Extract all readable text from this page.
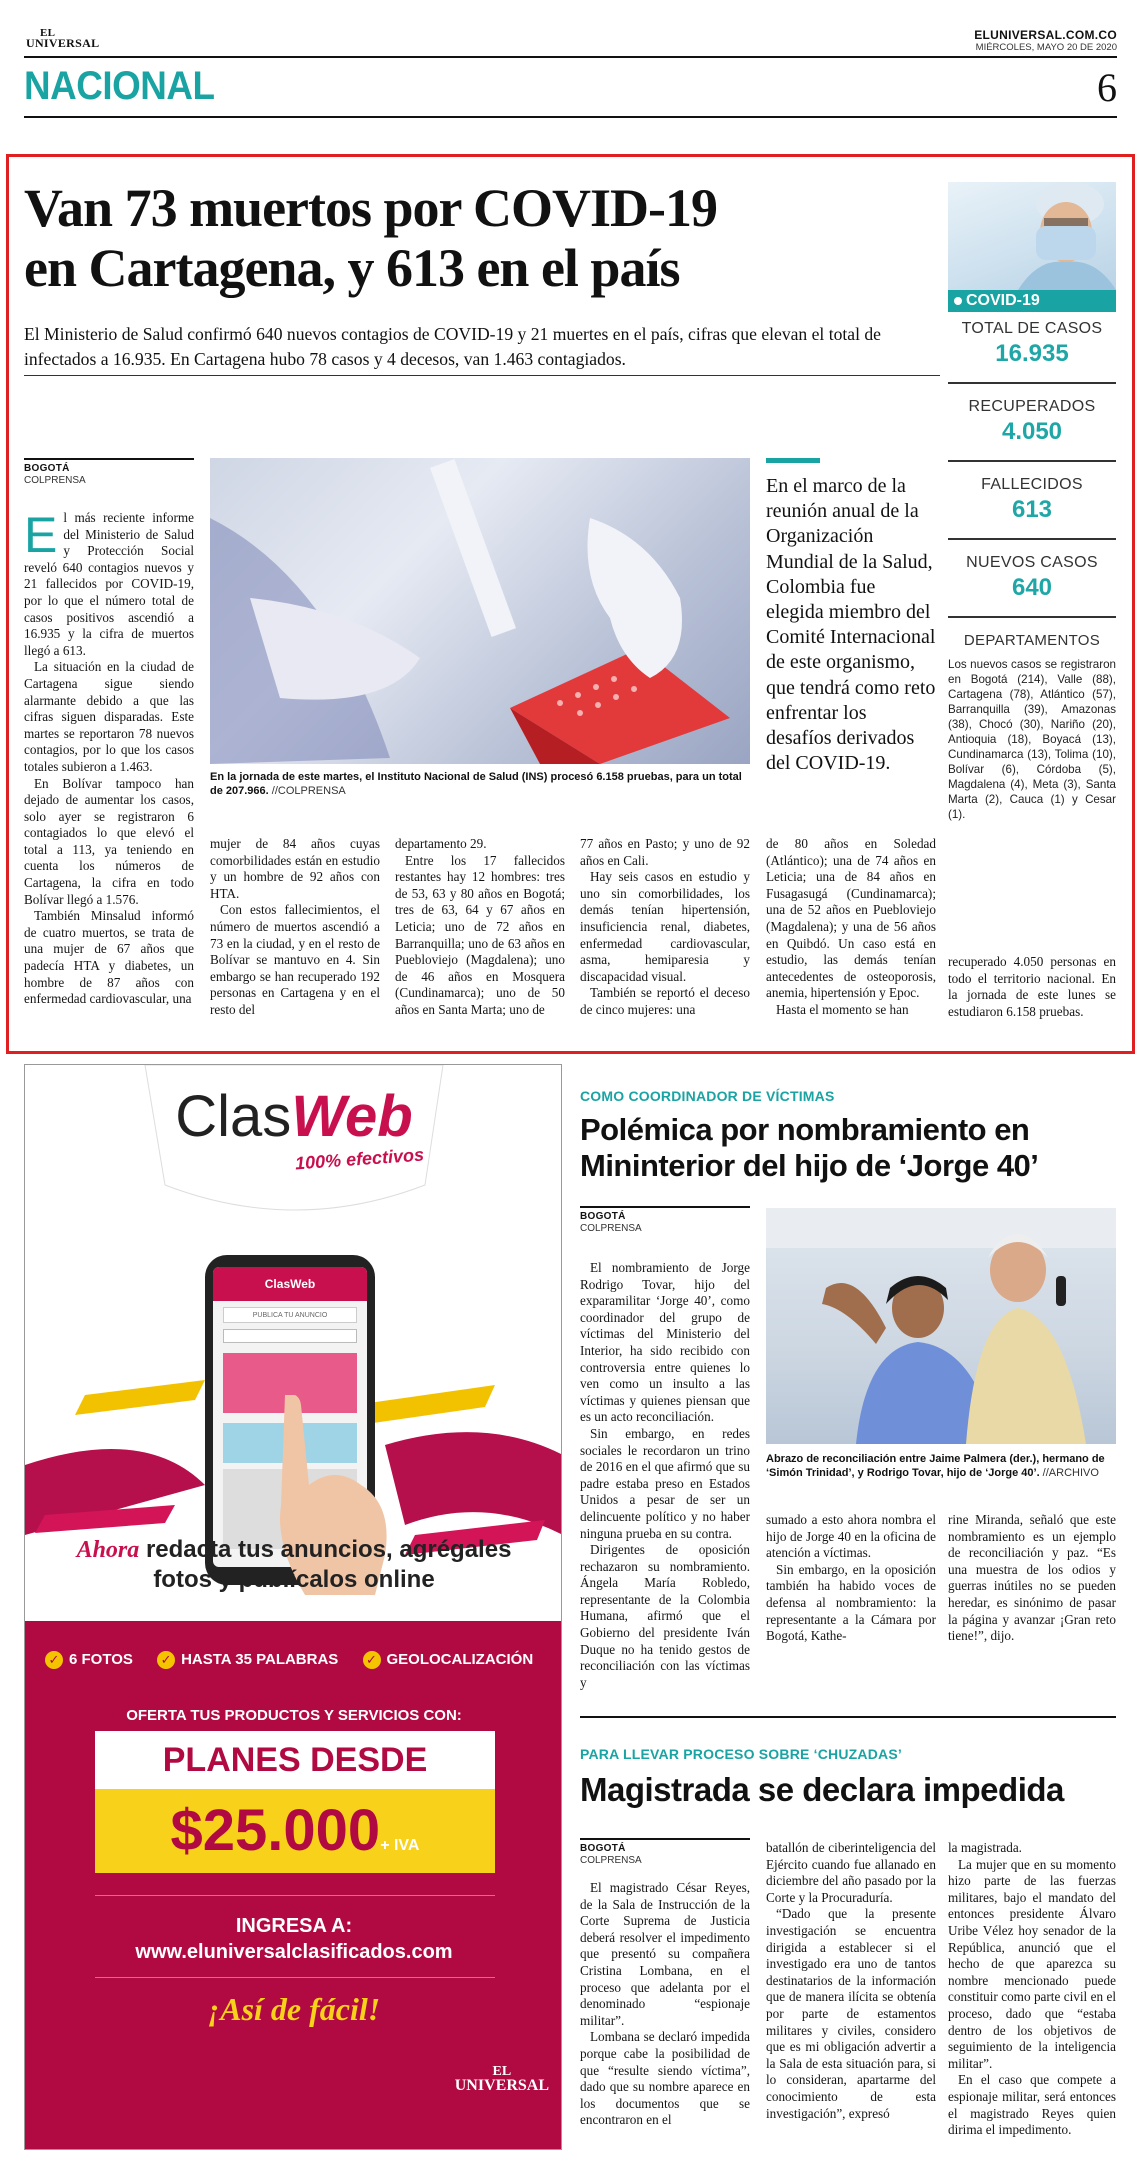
EL
UNIVERSAL
ELUNIVERSAL.COM.CO
MIÉRCOLES, MAYO 20 DE 2020
NACIONAL	6
Van 73 muertos por COVID-19
en Cartagena, y 613 en el país
El Ministerio de Salud confirmó 640 nuevos contagios de COVID-19 y 21 muertes en el país, cifras que elevan el total de infectados a 16.935. En Cartagena hubo 78 casos y 4 decesos, van 1.463 contagiados.
COVID-19
TOTAL DE CASOS
16.935
RECUPERADOS
4.050
FALLECIDOS
613
NUEVOS CASOS
640
DEPARTAMENTOS
Los nuevos casos se registraron en Bogotá (214), Valle (88), Cartagena (78), Atlántico (57), Barranquilla (39), Amazonas (38), Chocó (30), Nariño (20), Antioquia (18), Boyacá (13), Cundinamarca (13), Tolima (10), Bolívar (6), Córdoba (5), Magdalena (4), Meta (3), Santa Marta (2), Cauca (1) y Cesar (1).
BOGOTÁ
COLPRENSA
En la jornada de este martes, el Instituto Nacional de Salud (INS) procesó 6.158 pruebas, para un total de 207.966. //COLPRENSA
En el marco de la reunión anual de la Organización Mundial de la Salud, Colombia fue elegida miembro del Comité Internacional de este organismo, que tendrá como reto enfrentar los desafíos derivados del COVID-19.

El más reciente informe del Ministerio de Salud y Protección Social reveló 640 contagios nuevos y 21 fallecidos por COVID-19, por lo que el número total de casos positivos ascendió a 16.935 y la cifra de muertos llegó a 613.

La situación en la ciudad de Cartagena sigue siendo alarmante debido a que las cifras siguen disparadas. Este martes se reportaron 78 nuevos contagios, por lo que los casos totales subieron a 1.463.

En Bolívar tampoco han dejado de aumentar los casos, solo ayer se registraron 6 contagiados lo que elevó el total a 113, ya teniendo en cuenta los números de Cartagena, la cifra en todo Bolívar llegó a 1.576.

También Minsalud informó de cuatro muertos, se trata de una mujer de 67 años que padecía HTA y diabetes, un hombre de 87 años con enfermedad cardiovascular, una

mujer de 84 años cuyas comorbilidades están en estudio y un hombre de 92 años con HTA.

Con estos fallecimientos, el número de muertos ascendió a 73 en la ciudad, y en el resto de Bolívar se mantuvo en 4. Sin embargo se han recuperado 192 personas en Cartagena y en el resto del

departamento 29.

Entre los 17 fallecidos restantes hay 12 hombres: tres de 53, 63 y 80 años en Bogotá; tres de 63, 64 y 67 años en Leticia; uno de 72 años en Barranquilla; uno de 63 años en Puebloviejo (Magdalena); uno de 46 años en Mosquera (Cundinamarca); uno de 50 años en Santa Marta; uno de

77 años en Pasto; y uno de 92 años en Cali.

Hay seis casos en estudio y uno sin comorbilidades, los demás tenían hipertensión, insuficiencia renal, diabetes, enfermedad cardiovascular, asma, hemiparesia y discapacidad visual.

También se reportó el deceso de cinco mujeres: una

de 80 años en Soledad (Atlántico); una de 74 años en Leticia; una de 84 años en Fusagasugá (Cundinamarca); una de 52 años en Puebloviejo (Magdalena); y una de 56 años en Quibdó. Un caso está en estudio, las demás tenían antecedentes de osteoporosis, anemia, hipertensión y Epoc.

Hasta el momento se han

recuperado 4.050 personas en todo el territorio nacional. En la jornada de este lunes se estudiaron 6.158 pruebas.

ClasWeb
100% efectivos
ClasWeb
PUBLICA TU ANUNCIO
Ahora redacta tus anuncios, agrégales fotos y publícalos online
✓ 6 FOTOS ✓ HASTA 35 PALABRAS ✓ GEOLOCALIZACIÓN
OFERTA TUS PRODUCTOS Y SERVICIOS CON:
PLANES DESDE
$25.000+ IVA
INGRESA A:
www.eluniversalclasificados.com
¡Así de fácil!
EL
UNIVERSAL
COMO COORDINADOR DE VÍCTIMAS
Polémica por nombramiento en
Mininterior del hijo de ‘Jorge 40’
BOGOTÁ
COLPRENSA
Abrazo de reconciliación entre Jaime Palmera (der.), hermano de ‘Simón Trinidad’, y Rodrigo Tovar, hijo de ‘Jorge 40’. //ARCHIVO

El nombramiento de Jorge Rodrigo Tovar, hijo del exparamilitar ‘Jorge 40’, como coordinador del grupo de víctimas del Ministerio del Interior, ha sido recibido con controversia entre quienes lo ven como un insulto a las víctimas y quienes piensan que es un acto reconciliación.

Sin embargo, en redes sociales le recordaron un trino de 2016 en el que afirmó que su padre estaba preso en Estados Unidos a pesar de ser un delincuente político y no haber ninguna prueba en su contra.

Dirigentes de oposición rechazaron su nombramiento. Ángela María Robledo, representante de la Colombia Humana, afirmó que el Gobierno del presidente Iván Duque no ha tenido gestos de reconciliación con las víctimas y

sumado a esto ahora nombra el hijo de Jorge 40 en la oficina de atención a víctimas.

Sin embargo, en la oposición también ha habido voces de defensa al nombramiento: la representante a la Cámara por Bogotá, Kathe-

rine Miranda, señaló que este nombramiento es un ejemplo de reconciliación y paz. “Es una muestra de los odios y guerras inútiles no se pueden heredar, es sinónimo de pasar la página y avanzar ¡Gran reto tiene!”, dijo.

PARA LLEVAR PROCESO SOBRE ‘CHUZADAS’
Magistrada se declara impedida
BOGOTÁ
COLPRENSA

El magistrado César Reyes, de la Sala de Instrucción de la Corte Suprema de Justicia deberá resolver el impedimento que presentó su compañera Cristina Lombana, en el proceso que adelanta por el denominado “espionaje militar”.

Lombana se declaró impedida porque cabe la posibilidad de que “resulte siendo víctima”, dado que su nombre aparece en los documentos que se encontraron en el

batallón de ciberinteligencia del Ejército cuando fue allanado en diciembre del año pasado por la Corte y la Procuraduría.

“Dado que la presente investigación se encuentra dirigida a establecer si el investigado era uno de tantos destinatarios de la información que de manera ilícita se obtenía por parte de estamentos militares y civiles, considero que es mi obligación advertir a la Sala de esta situación para, si lo consideran, apartarme del conocimiento de esta investigación”, expresó

la magistrada.

La mujer que en su momento hizo parte de las fuerzas militares, bajo el mandato del entonces presidente Álvaro Uribe Vélez hoy senador de la República, anunció que el hecho de que aparezca su nombre mencionado puede constituir como parte civil en el proceso, dado que “estaba dentro de los objetivos de seguimiento de la inteligencia militar”.

En el caso que compete a espionaje militar, será entonces el magistrado Reyes quien dirima el impedimento.
